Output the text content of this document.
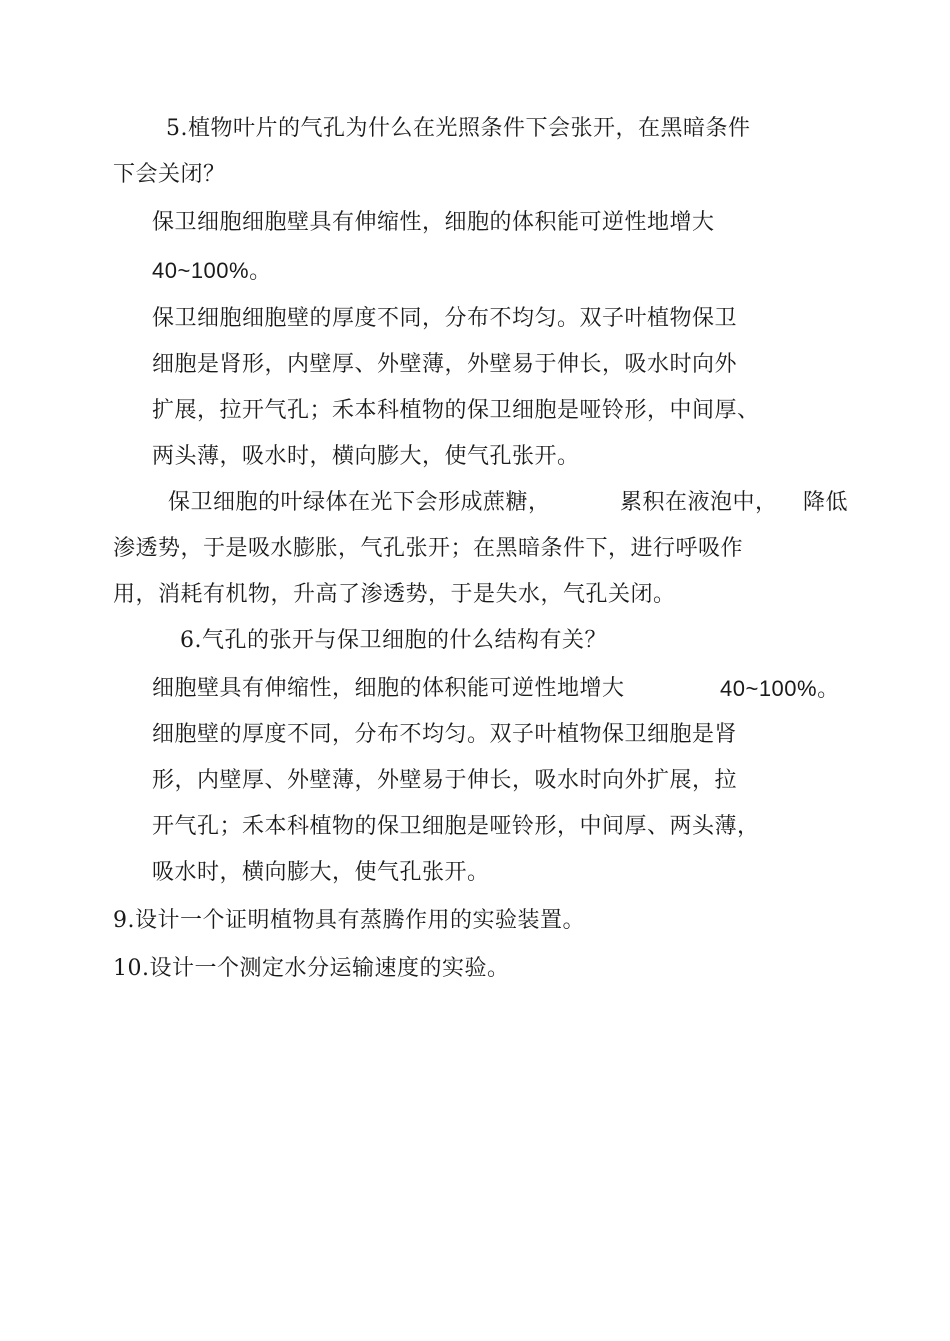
5.植物叶片的气孔为什么在光照条件下会张开，在黑暗条件
下会关闭？
保卫细胞细胞壁具有伸缩性，细胞的体积能可逆性地增大
40~100%。
保卫细胞细胞壁的厚度不同，分布不均匀。双子叶植物保卫
细胞是肾形，内壁厚、外壁薄，外壁易于伸长，吸水时向外
扩展，拉开气孔；禾本科植物的保卫细胞是哑铃形，中间厚、
两头薄，吸水时，横向膨大，使气孔张开。
保卫细胞的叶绿体在光下会形成蔗糖，	累积在液泡中， 降低
渗透势，于是吸水膨胀，气孔张开；在黑暗条件下，进行呼吸作
用，消耗有机物，升高了渗透势，于是失水，气孔关闭。
6.气孔的张开与保卫细胞的什么结构有关？
细胞壁具有伸缩性，细胞的体积能可逆性地增大	40~100%。
细胞壁的厚度不同，分布不均匀。双子叶植物保卫细胞是肾
形，内壁厚、外壁薄，外壁易于伸长，吸水时向外扩展，拉
开气孔；禾本科植物的保卫细胞是哑铃形，中间厚、两头薄，
吸水时，横向膨大，使气孔张开。
9.设计一个证明植物具有蒸腾作用的实验装置。
10.设计一个测定水分运输速度的实验。
